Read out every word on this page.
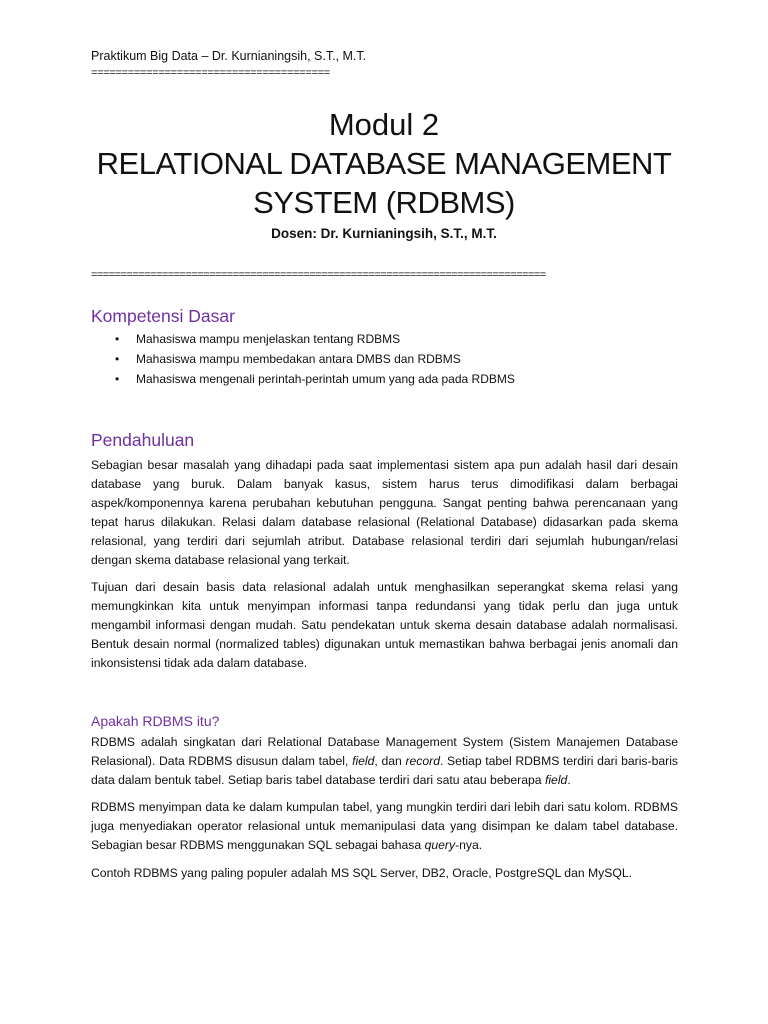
Praktikum Big Data – Dr. Kurnianingsih, S.T., M.T.
=======================================
Modul 2
RELATIONAL DATABASE MANAGEMENT
SYSTEM (RDBMS)
Dosen: Dr. Kurnianingsih, S.T., M.T.
=============================================================================
Kompetensi Dasar
• Mahasiswa mampu menjelaskan tentang RDBMS
• Mahasiswa mampu membedakan antara DMBS dan RDBMS
• Mahasiswa mengenali perintah-perintah umum yang ada pada RDBMS
Pendahuluan

Sebagian besar masalah yang dihadapi pada saat implementasi sistem apa pun adalah hasil dari desain database yang buruk. Dalam banyak kasus, sistem harus terus dimodifikasi dalam berbagai aspek/komponennya karena perubahan kebutuhan pengguna. Sangat penting bahwa perencanaan yang tepat harus dilakukan. Relasi dalam database relasional (Relational Database) didasarkan pada skema relasional, yang terdiri dari sejumlah atribut. Database relasional terdiri dari sejumlah hubungan/relasi dengan skema database relasional yang terkait.

Tujuan dari desain basis data relasional adalah untuk menghasilkan seperangkat skema relasi yang memungkinkan kita untuk menyimpan informasi tanpa redundansi yang tidak perlu dan juga untuk mengambil informasi dengan mudah. Satu pendekatan untuk skema desain database adalah normalisasi. Bentuk desain normal (normalized tables) digunakan untuk memastikan bahwa berbagai jenis anomali dan inkonsistensi tidak ada dalam database.

Apakah RDBMS itu?

RDBMS adalah singkatan dari Relational Database Management System (Sistem Manajemen Database Relasional). Data RDBMS disusun dalam tabel, field, dan record. Setiap tabel RDBMS terdiri dari baris-baris data dalam bentuk tabel. Setiap baris tabel database terdiri dari satu atau beberapa field.

RDBMS menyimpan data ke dalam kumpulan tabel, yang mungkin terdiri dari lebih dari satu kolom. RDBMS juga menyediakan operator relasional untuk memanipulasi data yang disimpan ke dalam tabel database. Sebagian besar RDBMS menggunakan SQL sebagai bahasa query-nya.

Contoh RDBMS yang paling populer adalah MS SQL Server, DB2, Oracle, PostgreSQL dan MySQL.
